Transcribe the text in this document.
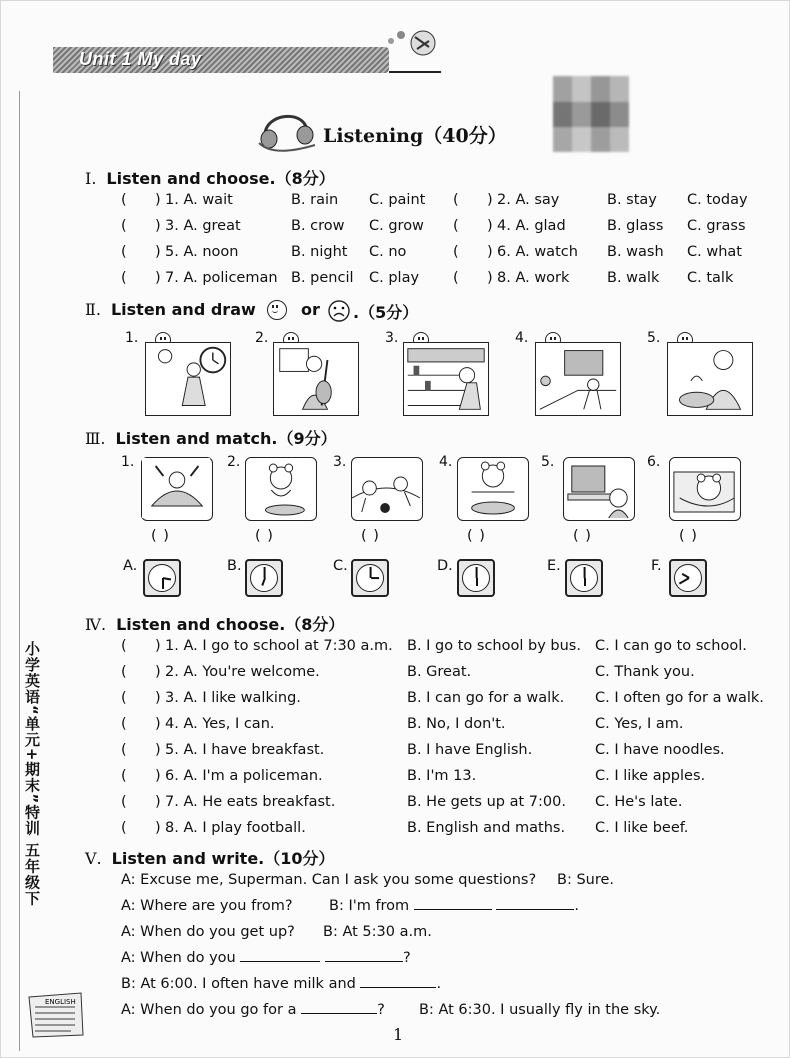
Unit 1 My day
小学英语“单元+期末”特训 五年级下
ENGLISH
Listening（40分）
Ⅰ. Listen and choose.（8分）
( ) 1. A. wait	B. rain C. paint ( ) 2. A. say	B. stay C. today
( ) 3. A. great	B. crow C. grow ( ) 4. A. glad	B. glass C. grass
( ) 5. A. noon	B. night C. no	( ) 6. A. watch B. wash C. what
( ) 7. A. policeman B. pencil C. play ( ) 8. A. work	B. walk C. talk
Ⅱ. Listen and draw	or .（5分）
1.	2.	3.	4.	5.
Ⅲ. Listen and match.（9分）
1.
( )
2.
( )
3.
( )
4.
( )
5.
( )
6.
( )
A.	B.	C.	D.	E.	F.
Ⅳ. Listen and choose.（8分）
( ) 1. A. I go to school at 7:30 a.m. B. I go to school by bus. C. I can go to school.
( ) 2. A. You're welcome.	B. Great.	C. Thank you.
( ) 3. A. I like walking.	B. I can go for a walk. C. I often go for a walk.
( ) 4. A. Yes, I can.	B. No, I don't.	C. Yes, I am.
( ) 5. A. I have breakfast.	B. I have English.	C. I have noodles.
( ) 6. A. I'm a policeman.	B. I'm 13.	C. I like apples.
( ) 7. A. He eats breakfast.	B. He gets up at 7:00. C. He's late.
( ) 8. A. I play football.	B. English and maths. C. I like beef.
Ⅴ. Listen and write.（10分）
A: Excuse me, Superman. Can I ask you some questions? B: Sure.
A: Where are you from?	B: I'm from	.
A: When do you get up? B: At 5:30 a.m.
A: When do you	?
B: At 6:00. I often have milk and	.
A: When do you go for a	? B: At 6:30. I usually fly in the sky.
1
